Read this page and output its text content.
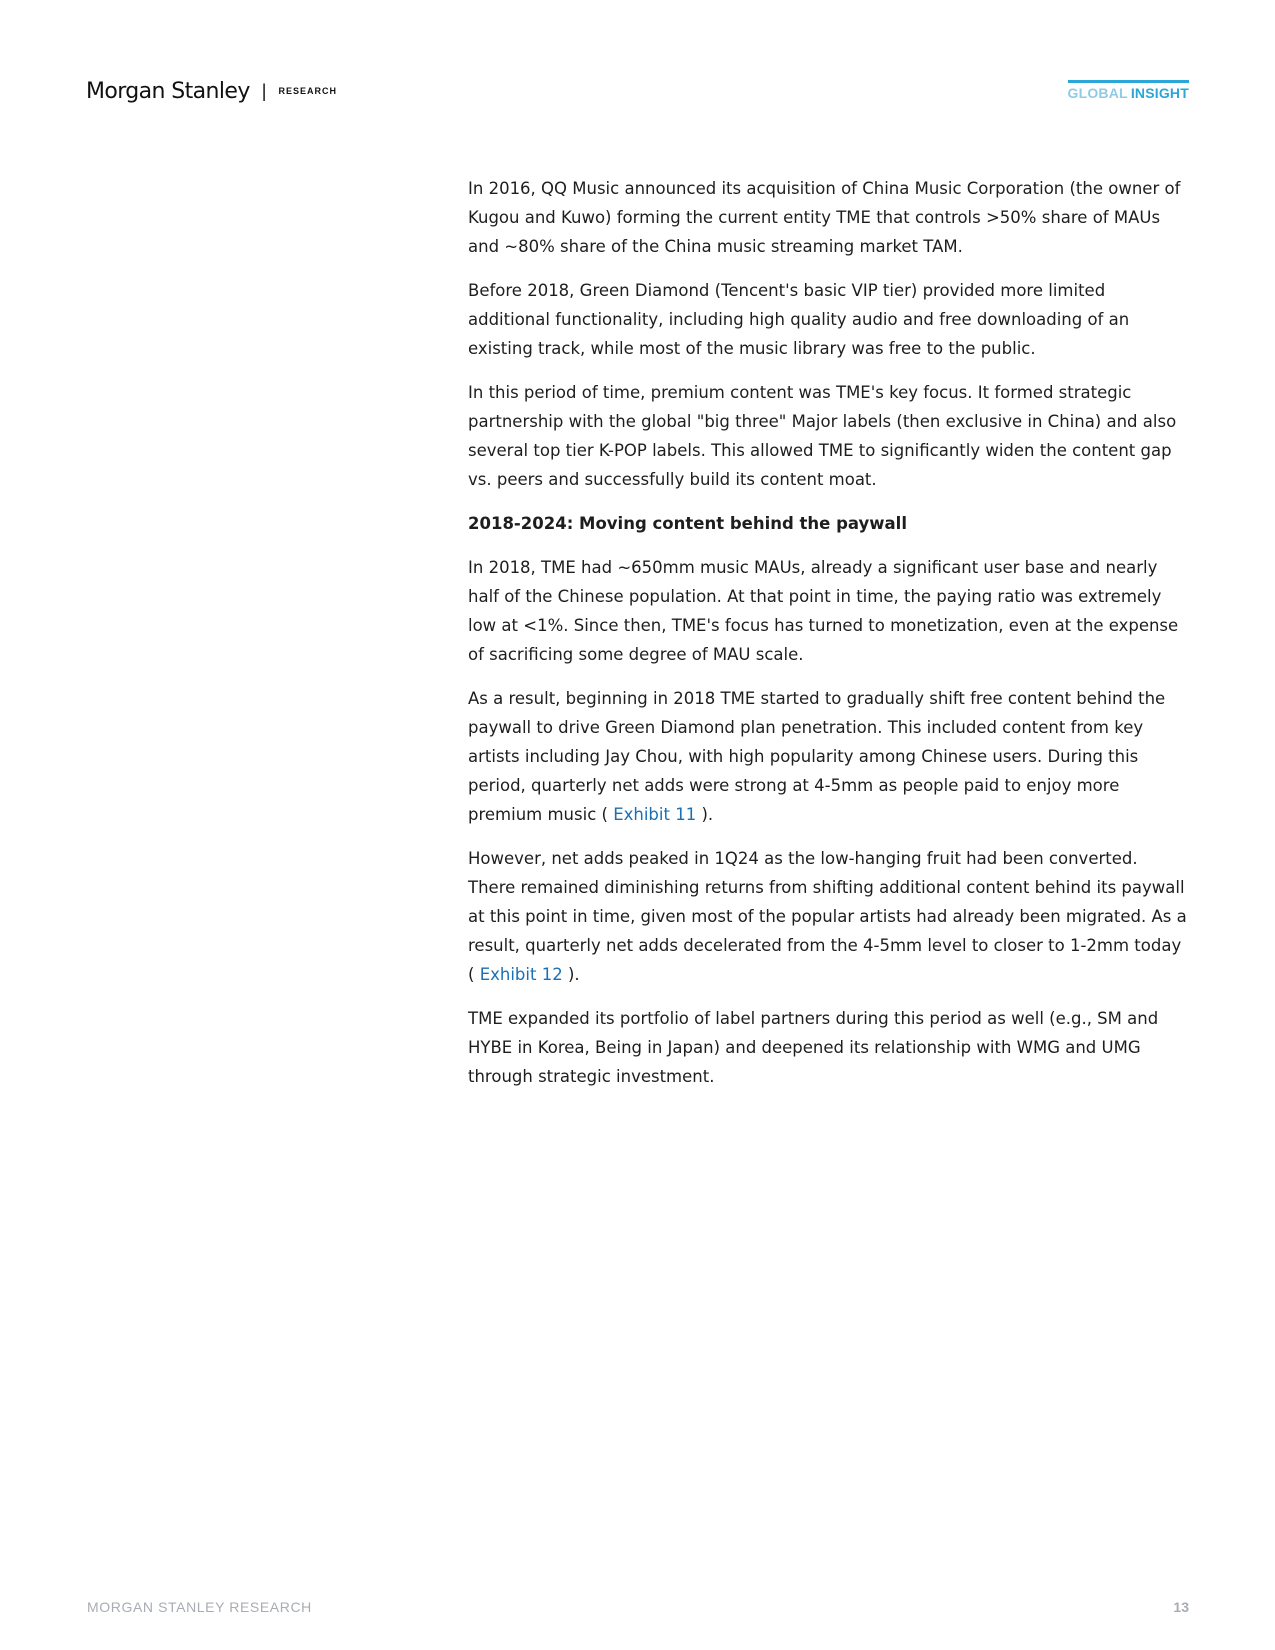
Morgan Stanley | RESEARCH	GLOBAL INSIGHT

In 2016, QQ Music announced its acquisition of China Music Corporation (the owner of Kugou and Kuwo) forming the current entity TME that controls >50% share of MAUs and ~80% share of the China music streaming market TAM.

Before 2018, Green Diamond (Tencent's basic VIP tier) provided more limited additional functionality, including high quality audio and free downloading of an existing track, while most of the music library was free to the public.

In this period of time, premium content was TME's key focus. It formed strategic partnership with the global "big three" Major labels (then exclusive in China) and also several top tier K-POP labels. This allowed TME to significantly widen the content gap vs. peers and successfully build its content moat.

2018-2024: Moving content behind the paywall

In 2018, TME had ~650mm music MAUs, already a significant user base and nearly half of the Chinese population. At that point in time, the paying ratio was extremely low at <1%. Since then, TME's focus has turned to monetization, even at the expense of sacrificing some degree of MAU scale.

As a result, beginning in 2018 TME started to gradually shift free content behind the paywall to drive Green Diamond plan penetration. This included content from key artists including Jay Chou, with high popularity among Chinese users. During this period, quarterly net adds were strong at 4-5mm as people paid to enjoy more premium music ( Exhibit 11 ).

However, net adds peaked in 1Q24 as the low-hanging fruit had been converted. There remained diminishing returns from shifting additional content behind its paywall at this point in time, given most of the popular artists had already been migrated. As a result, quarterly net adds decelerated from the 4-5mm level to closer to 1-2mm today ( Exhibit 12 ).

TME expanded its portfolio of label partners during this period as well (e.g., SM and HYBE in Korea, Being in Japan) and deepened its relationship with WMG and UMG through strategic investment.

MORGAN STANLEY RESEARCH	13
